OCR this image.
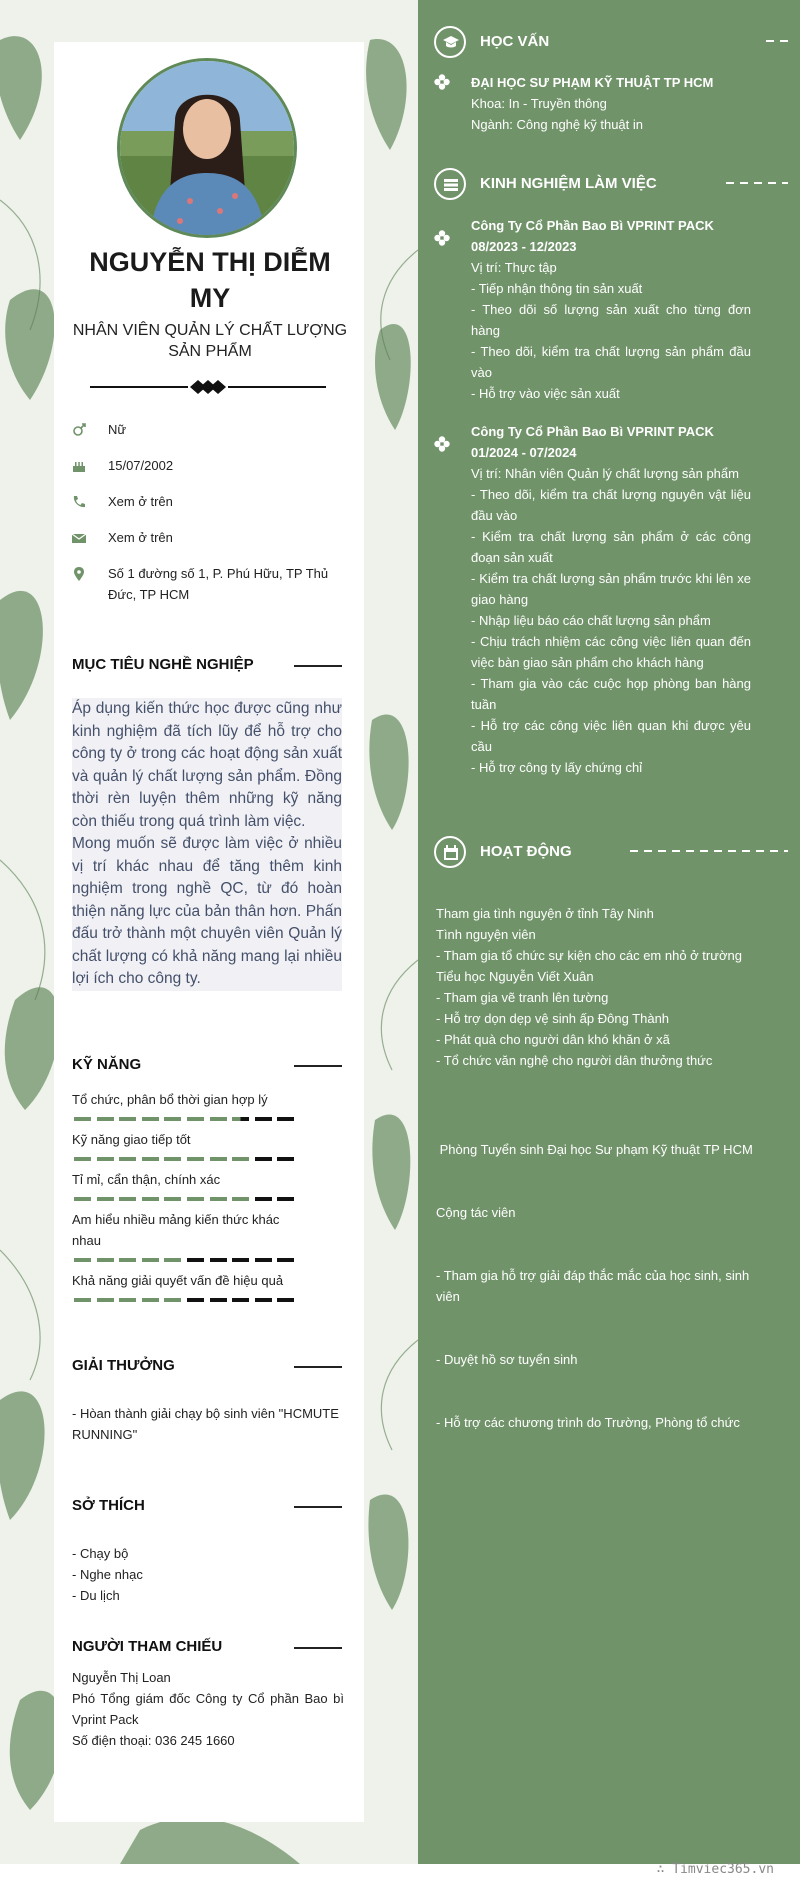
NGUYỄN THỊ DIỄM MY
NHÂN VIÊN QUẢN LÝ CHẤT LƯỢNG SẢN PHẨM
Nữ
15/07/2002
Xem ở trên
Xem ở trên
Số 1 đường số 1, P. Phú Hữu, TP Thủ Đức, TP HCM
MỤC TIÊU NGHỀ NGHIỆP

Áp dụng kiến thức học được cũng như kinh nghiệm đã tích lũy để hỗ trợ cho công ty ở trong các hoạt động sản xuất và quản lý chất lượng sản phẩm. Đồng thời rèn luyện thêm những kỹ năng còn thiếu trong quá trình làm việc.

Mong muốn sẽ được làm việc ở nhiều vị trí khác nhau để tăng thêm kinh nghiệm trong nghề QC, từ đó hoàn thiện năng lực của bản thân hơn. Phấn đấu trở thành một chuyên viên Quản lý chất lượng có khả năng mang lại nhiều lợi ích cho công ty.

KỸ NĂNG
Tổ chức, phân bổ thời gian hợp lý
Kỹ năng giao tiếp tốt
Tỉ mỉ, cẩn thận, chính xác
Am hiểu nhiều mảng kiến thức khác nhau
Khả năng giải quyết vấn đề hiệu quả
GIẢI THƯỞNG
- Hòan thành giải chạy bộ sinh viên "HCMUTE RUNNING"
SỞ THÍCH
- Chạy bộ
- Nghe nhạc
- Du lịch
NGƯỜI THAM CHIẾU
Nguyễn Thị Loan
Phó Tổng giám đốc Công ty Cổ phần Bao bì Vprint Pack
Số điện thoại: 036 245 1660
HỌC VẤN
ĐẠI HỌC SƯ PHẠM KỸ THUẬT TP HCM
Khoa: In - Truyền thông
Ngành: Công nghệ kỹ thuật in
KINH NGHIỆM LÀM VIỆC
Công Ty Cổ Phần Bao Bì VPRINT PACK
08/2023 - 12/2023
Vị trí: Thực tập
- Tiếp nhận thông tin sản xuất
- Theo dõi số lượng sản xuất cho từng đơn hàng
- Theo dõi, kiểm tra chất lượng sản phẩm đầu vào
- Hỗ trợ vào việc sản xuất
Công Ty Cổ Phần Bao Bì VPRINT PACK
01/2024 - 07/2024
Vị trí: Nhân viên Quản lý chất lượng sản phẩm
- Theo dõi, kiểm tra chất lượng nguyên vật liệu đầu vào
- Kiểm tra chất lượng sản phẩm ở các công đoạn sản xuất
- Kiểm tra chất lượng sản phẩm trước khi lên xe giao hàng
- Nhập liệu báo cáo chất lượng sản phẩm
- Chịu trách nhiệm các công việc liên quan đến việc bàn giao sản phẩm cho khách hàng
- Tham gia vào các cuộc họp phòng ban hàng tuần
- Hỗ trợ các công việc liên quan khi được yêu cầu
- Hỗ trợ công ty lấy chứng chỉ
HOẠT ĐỘNG
Tham gia tình nguyện ở tỉnh Tây Ninh
Tình nguyện viên
- Tham gia tổ chức sự kiện cho các em nhỏ ở trường Tiểu học Nguyễn Viết Xuân
- Tham gia vẽ tranh lên tường
- Hỗ trợ dọn dẹp vệ sinh ấp Đông Thành
- Phát quà cho người dân khó khăn ở xã
- Tổ chức văn nghệ cho người dân thưởng thức

Phòng Tuyển sinh Đại học Sư phạm Kỹ thuật TP HCM

Cộng tác viên

- Tham gia hỗ trợ giải đáp thắc mắc của học sinh, sinh viên

- Duyệt hồ sơ tuyển sinh

- Hỗ trợ các chương trình do Trường, Phòng tổ chức

∴ Timviec365.vn
